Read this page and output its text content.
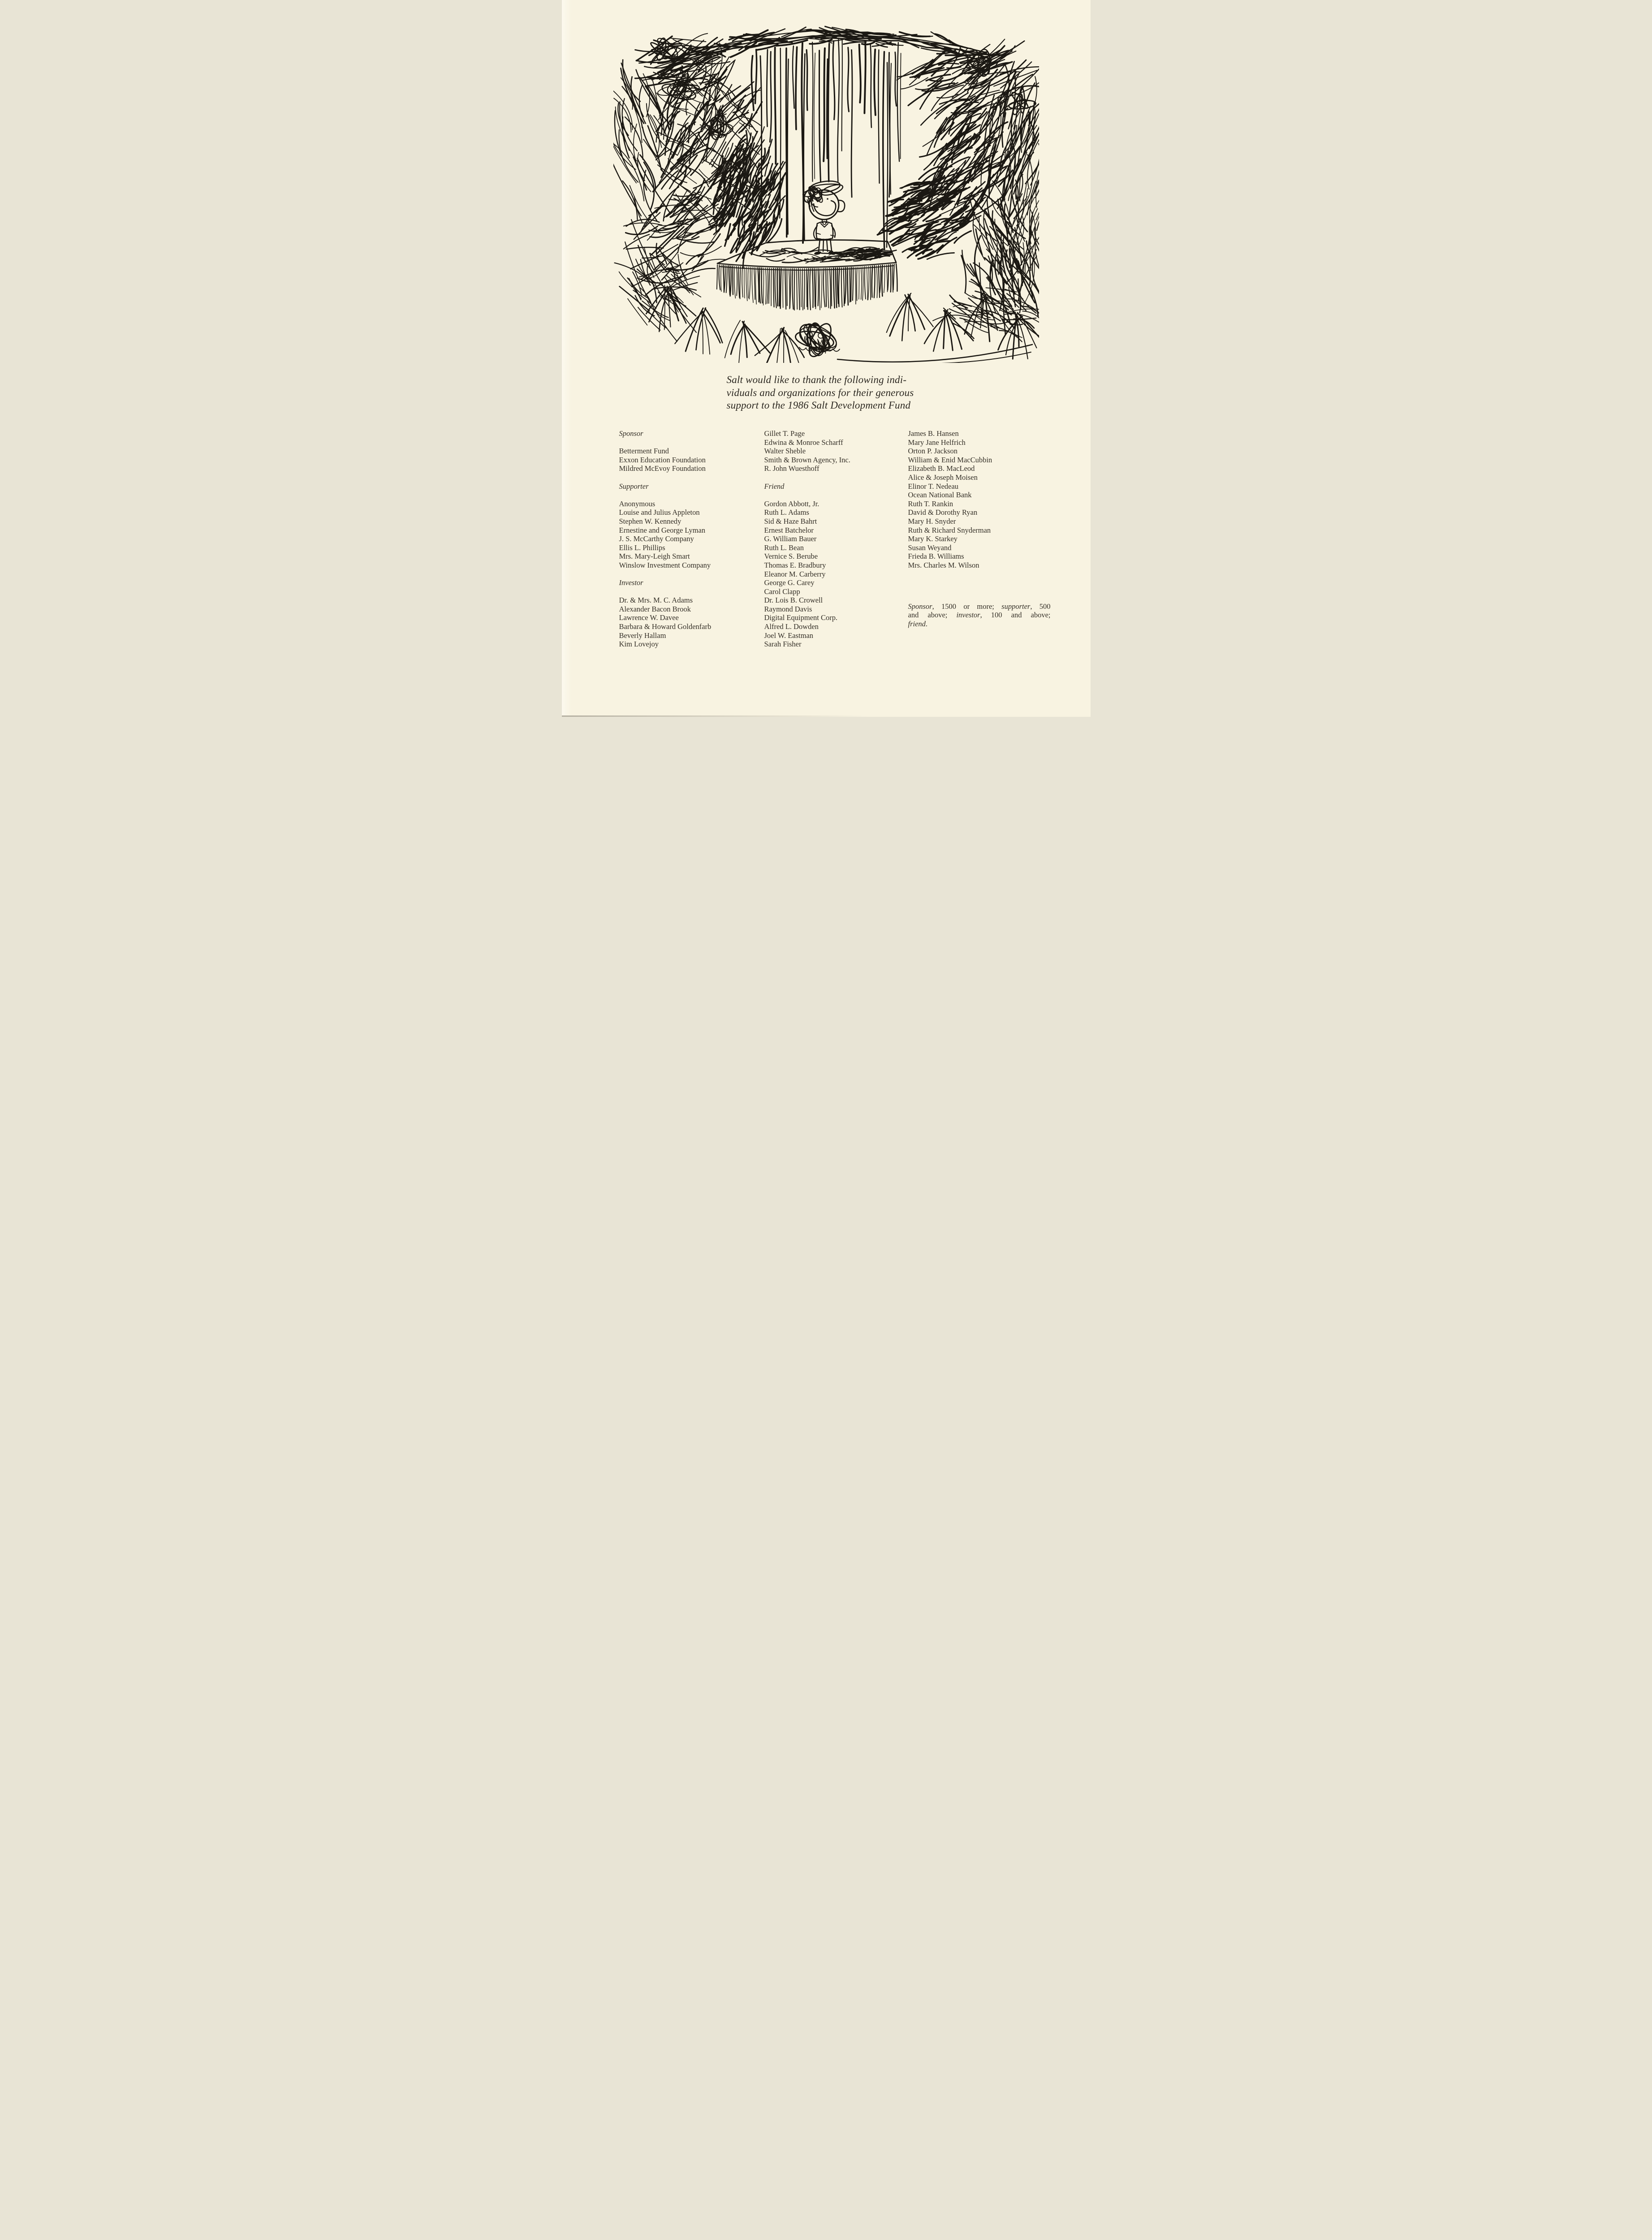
Salt would like to thank the following indi-
viduals and organizations for their generous
support to the 1986 Salt Development Fund
Sponsor
Betterment Fund
Exxon Education Foundation
Mildred McEvoy Foundation
Supporter
Anonymous
Louise and Julius Appleton
Stephen W. Kennedy
Ernestine and George Lyman
J. S. McCarthy Company
Ellis L. Phillips
Mrs. Mary-Leigh Smart
Winslow Investment Company
Investor
Dr. & Mrs. M. C. Adams
Alexander Bacon Brook
Lawrence W. Davee
Barbara & Howard Goldenfarb
Beverly Hallam
Kim Lovejoy
Gillet T. Page
Edwina & Monroe Scharff
Walter Sheble
Smith & Brown Agency, Inc.
R. John Wuesthoff
Friend
Gordon Abbott, Jr.
Ruth L. Adams
Sid & Haze Bahrt
Ernest Batchelor
G. William Bauer
Ruth L. Bean
Vernice S. Berube
Thomas E. Bradbury
Eleanor M. Carberry
George G. Carey
Carol Clapp
Dr. Lois B. Crowell
Raymond Davis
Digital Equipment Corp.
Alfred L. Dowden
Joel W. Eastman
Sarah Fisher
James B. Hansen
Mary Jane Helfrich
Orton P. Jackson
William & Enid MacCubbin
Elizabeth B. MacLeod
Alice & Joseph Moisen
Elinor T. Nedeau
Ocean National Bank
Ruth T. Rankin
David & Dorothy Ryan
Mary H. Snyder
Ruth & Richard Snyderman
Mary K. Starkey
Susan Weyand
Frieda B. Williams
Mrs. Charles M. Wilson
Sponsor, 1500 or more; supporter, 500
and above; investor, 100 and above;
friend.
